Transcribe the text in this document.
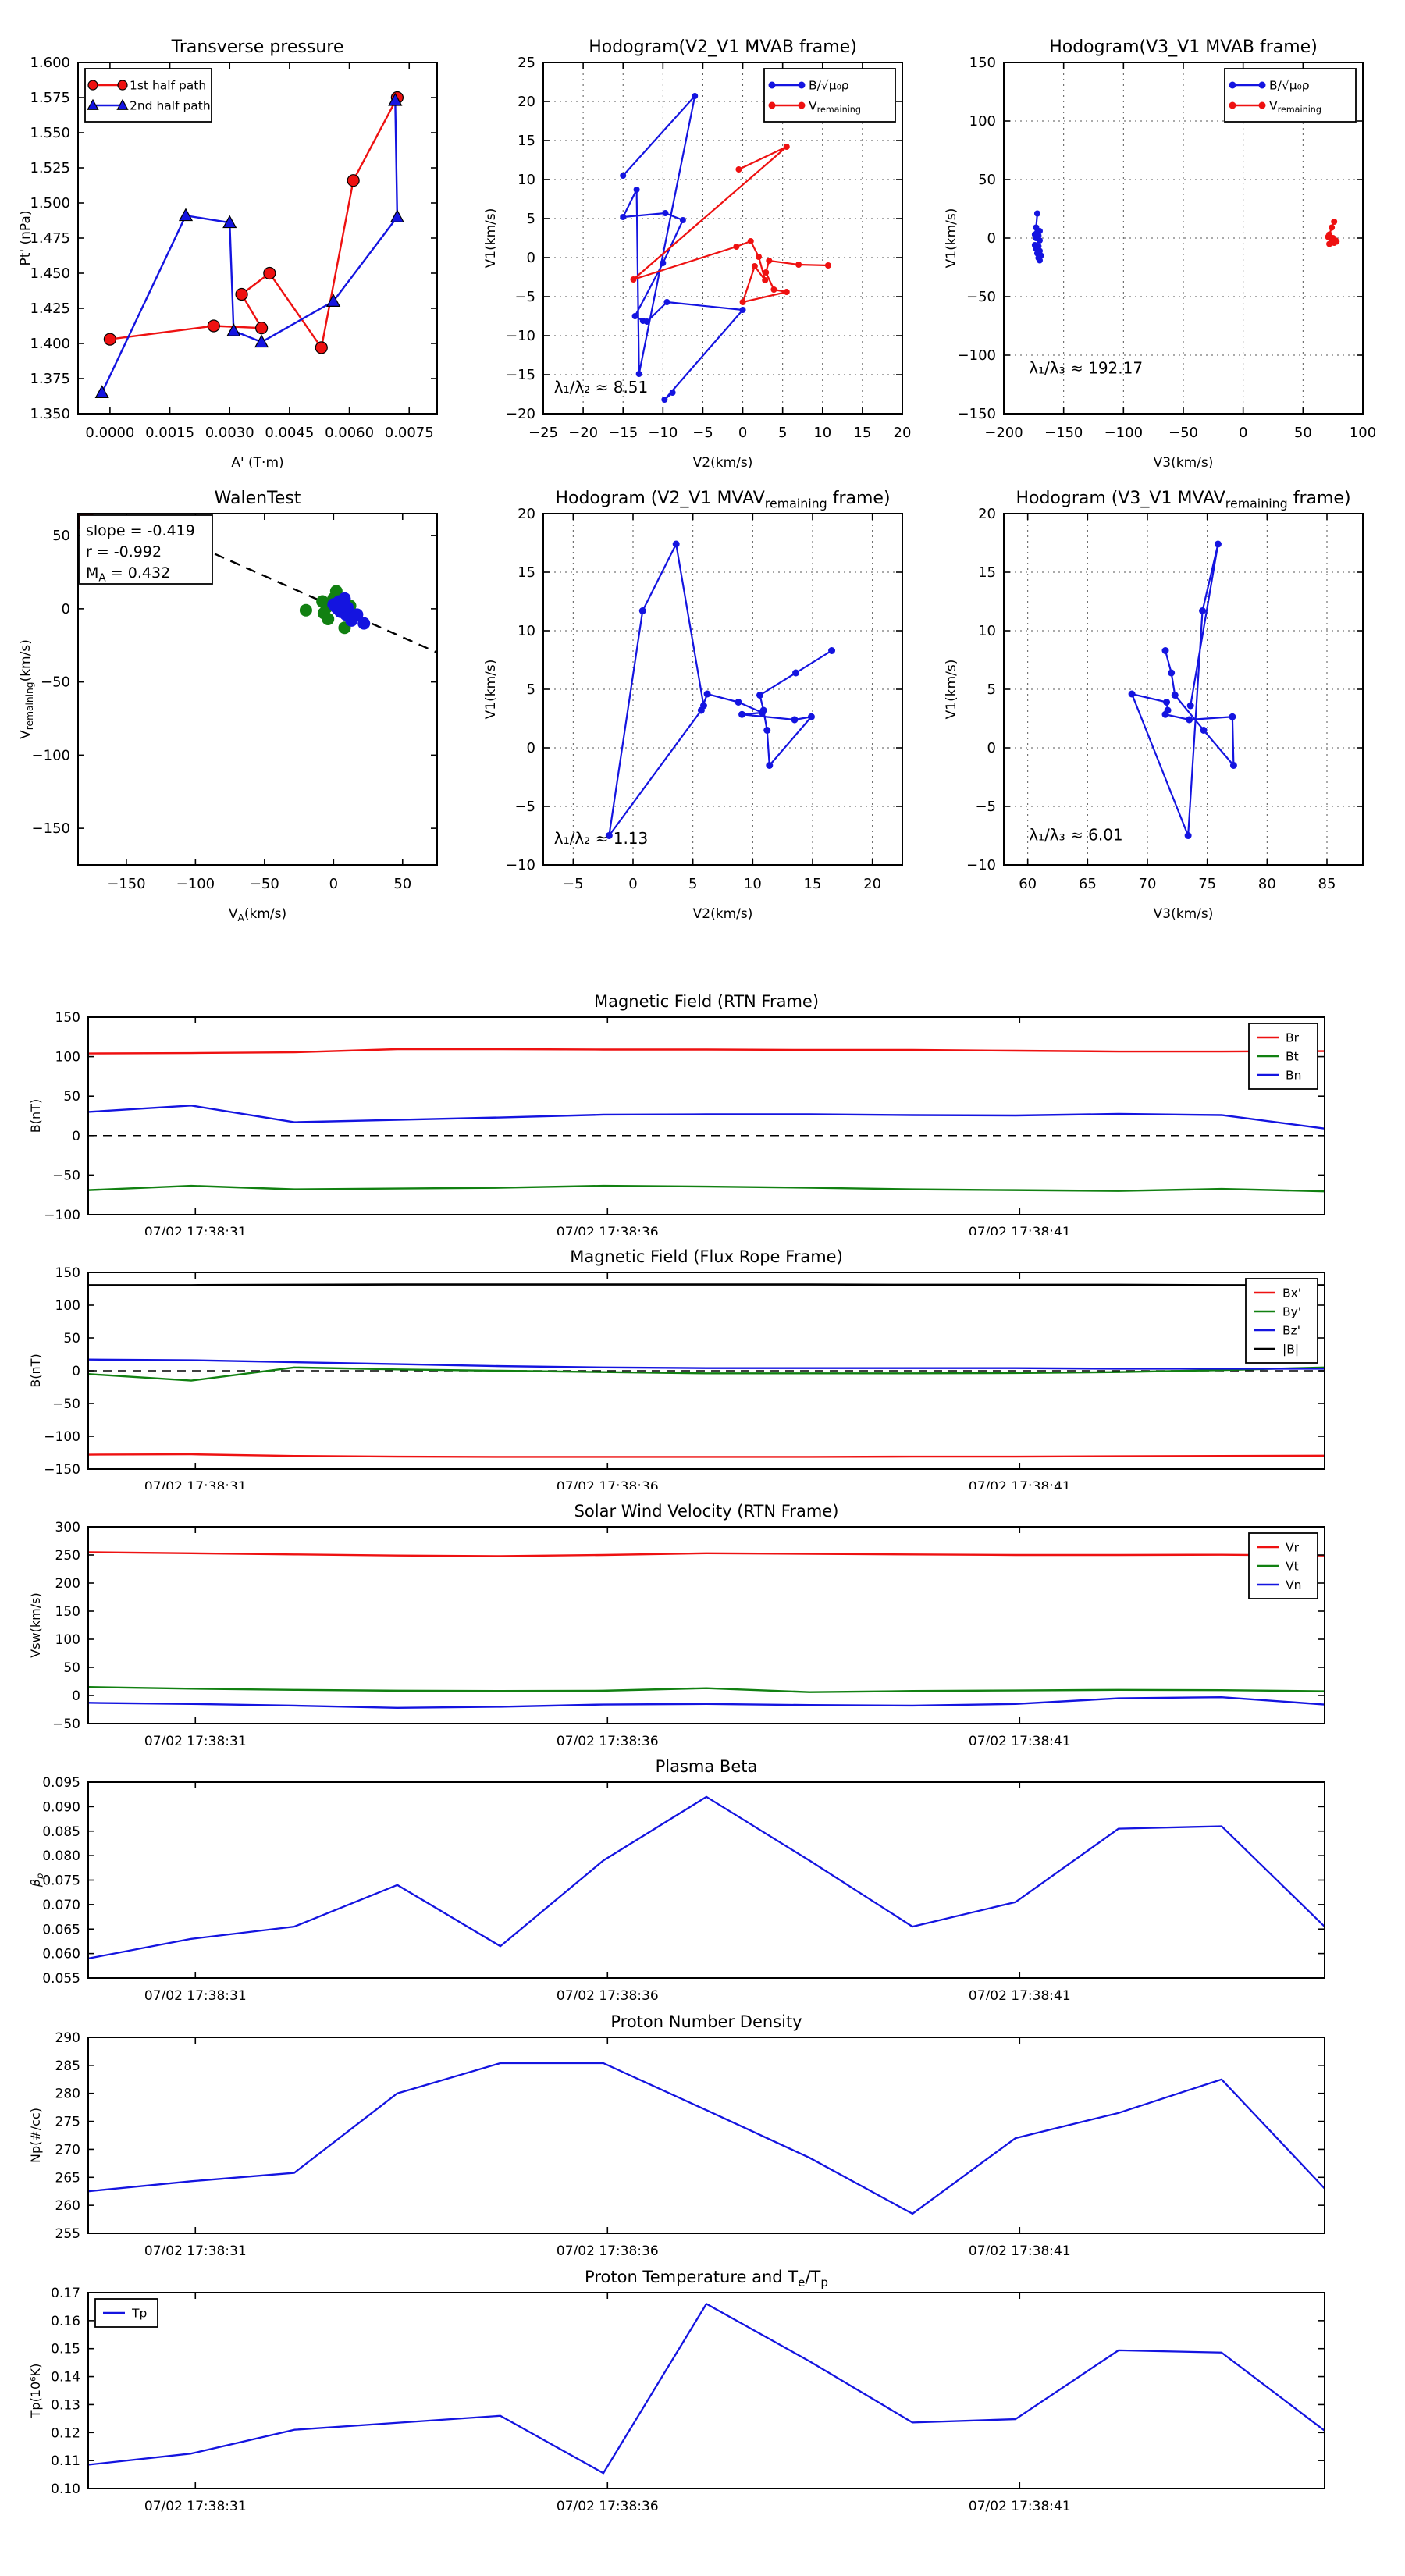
0.0000 0.0015 0.0030 0.0045 0.0060 0.0075
1.350
1.375
1.400
1.425
1.450
1.475
1.500
1.525
1.550
1.575
1.600
Transverse pressure
A' (T·m)
Pt' (nPa)
1st half path
2nd half path
−25 −20 −15 −10 −5 0 5 10 15 20
−20
−15
−10
−5
0
5
10
15
20
25
Hodogram(V2_V1 MVAB frame)
V2(km/s)
V1(km/s)
B/√μ₀ρ
$V_{remaining}$
λ₁/λ₂ ≈ 8.51
−200 −150 −100 −50	0	50	100
−150
−100
−50
0
50
100
150
Hodogram(V3_V1 MVAB frame)
V3(km/s)
V1(km/s)
B/√μ₀ρ
$V_{remaining}$
λ₁/λ₃ ≈ 192.17
−150 −100 −50	0	50
−150
−100
−50
0
50
WalenTest
$V_A(km/s)$
$V_{remaining}(km/s)$
slope = -0.419
r = -0.992
$M_A = 0.432$
−5	0	5	10	15	20
−10
−5
0
5
10
15
20
Hodogram (V2_V1 $MVAV_{remaining}$ frame)
V2(km/s)
V1(km/s)
λ₁/λ₂ ≈ 1.13
60	65	70	75	80	85
−10
−5
0
5
10
15
20
Hodogram (V3_V1 $MVAV_{remaining}$ frame)
V3(km/s)
V1(km/s)
λ₁/λ₃ ≈ 6.01
07/02 17:38:31	07/02 17:38:36	07/02 17:38:41
−100
−50
0
50
100
150
Magnetic Field (RTN Frame)
B(nT)
Br
Bt
Bn
07/02 17:38:31	07/02 17:38:36	07/02 17:38:41
−150
−100
−50
0
50
100
150
Magnetic Field (Flux Rope Frame)
B(nT)
Bx'
By'
Bz'
|B|
07/02 17:38:31	07/02 17:38:36	07/02 17:38:41
−50
0
50
100
150
200
250
300
Solar Wind Velocity (RTN Frame)
Vsw(km/s)
Vr
Vt
Vn
07/02 17:38:31	07/02 17:38:36	07/02 17:38:41
0.055
0.060
0.065
0.070
0.075
0.080
0.085
0.090
0.095
Plasma Beta
$\beta_p$
07/02 17:38:31	07/02 17:38:36	07/02 17:38:41
255
260
265
270
275
280
285
290
Proton Number Density
Np(#/cc)
07/02 17:38:31	07/02 17:38:36	07/02 17:38:41
0.10
0.11
0.12
0.13
0.14
0.15
0.16
0.17
Proton Temperature and $T_e/T_p$
Tp(10⁶K)
Tp
